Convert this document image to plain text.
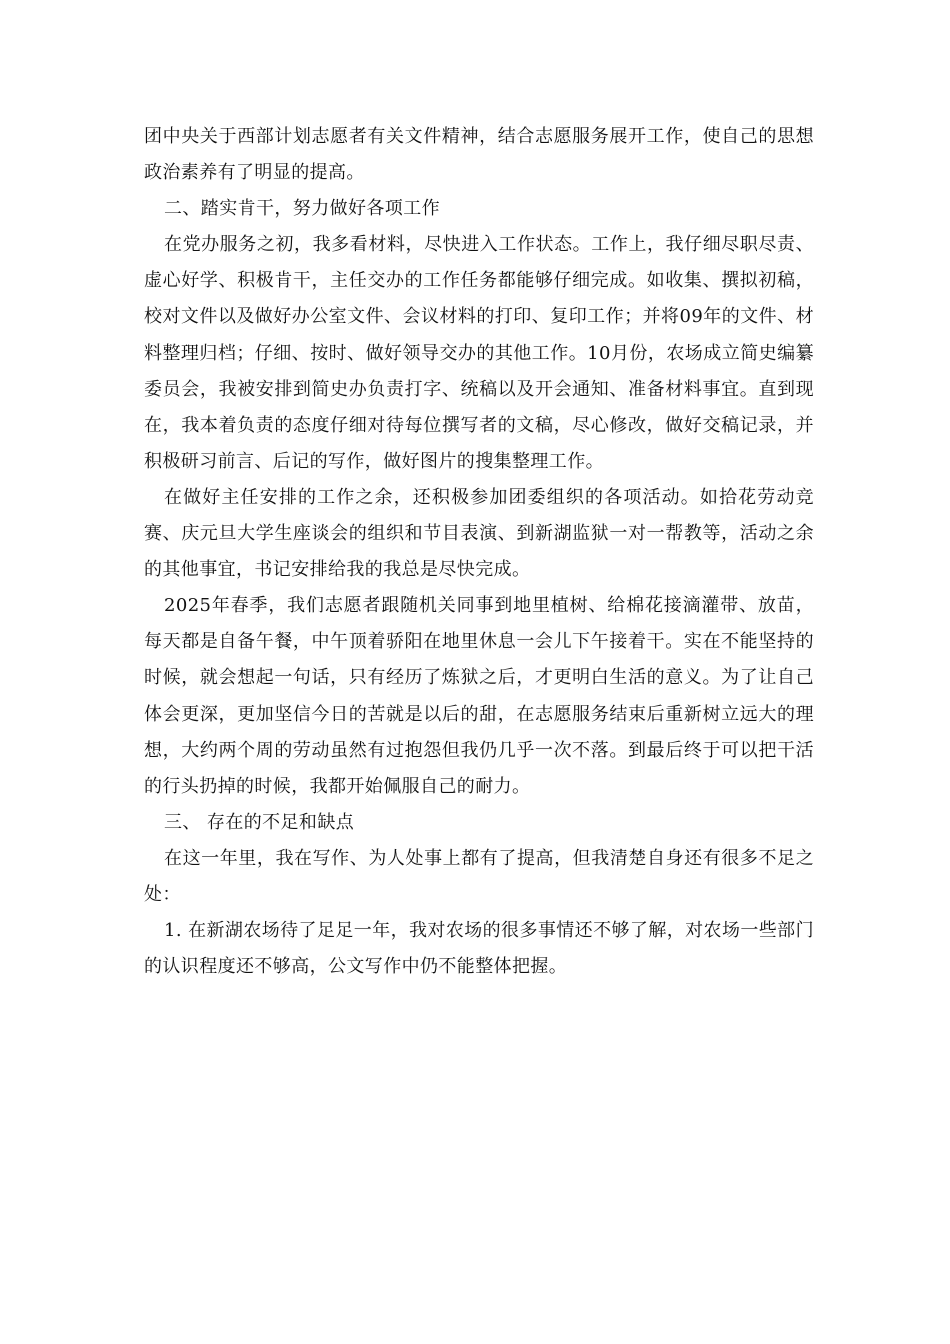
团中央关于西部计划志愿者有关文件精神，结合志愿服务展开工作，使自己的思想政治素养有了明显的提高。

二、踏实肯干，努力做好各项工作

在党办服务之初，我多看材料，尽快进入工作状态。工作上，我仔细尽职尽责、虚心好学、积极肯干，主任交办的工作任务都能够仔细完成。如收集、撰拟初稿，校对文件以及做好办公室文件、会议材料的打印、复印工作；并将09年的文件、材料整理归档；仔细、按时、做好领导交办的其他工作。10月份，农场成立简史编纂委员会，我被安排到简史办负责打字、统稿以及开会通知、准备材料事宜。直到现在，我本着负责的态度仔细对待每位撰写者的文稿，尽心修改，做好交稿记录，并积极研习前言、后记的写作，做好图片的搜集整理工作。

在做好主任安排的工作之余，还积极参加团委组织的各项活动。如拾花劳动竞赛、庆元旦大学生座谈会的组织和节目表演、到新湖监狱一对一帮教等，活动之余的其他事宜，书记安排给我的我总是尽快完成。

2025年春季，我们志愿者跟随机关同事到地里植树、给棉花接滴灌带、放苗，每天都是自备午餐，中午顶着骄阳在地里休息一会儿下午接着干。实在不能坚持的时候，就会想起一句话，只有经历了炼狱之后，才更明白生活的意义。为了让自己体会更深，更加坚信今日的苦就是以后的甜，在志愿服务结束后重新树立远大的理想，大约两个周的劳动虽然有过抱怨但我仍几乎一次不落。到最后终于可以把干活的行头扔掉的时候，我都开始佩服自己的耐力。

三、 存在的不足和缺点

在这一年里，我在写作、为人处事上都有了提高，但我清楚自身还有很多不足之处：

1. 在新湖农场待了足足一年，我对农场的很多事情还不够了解，对农场一些部门的认识程度还不够高，公文写作中仍不能整体把握。
